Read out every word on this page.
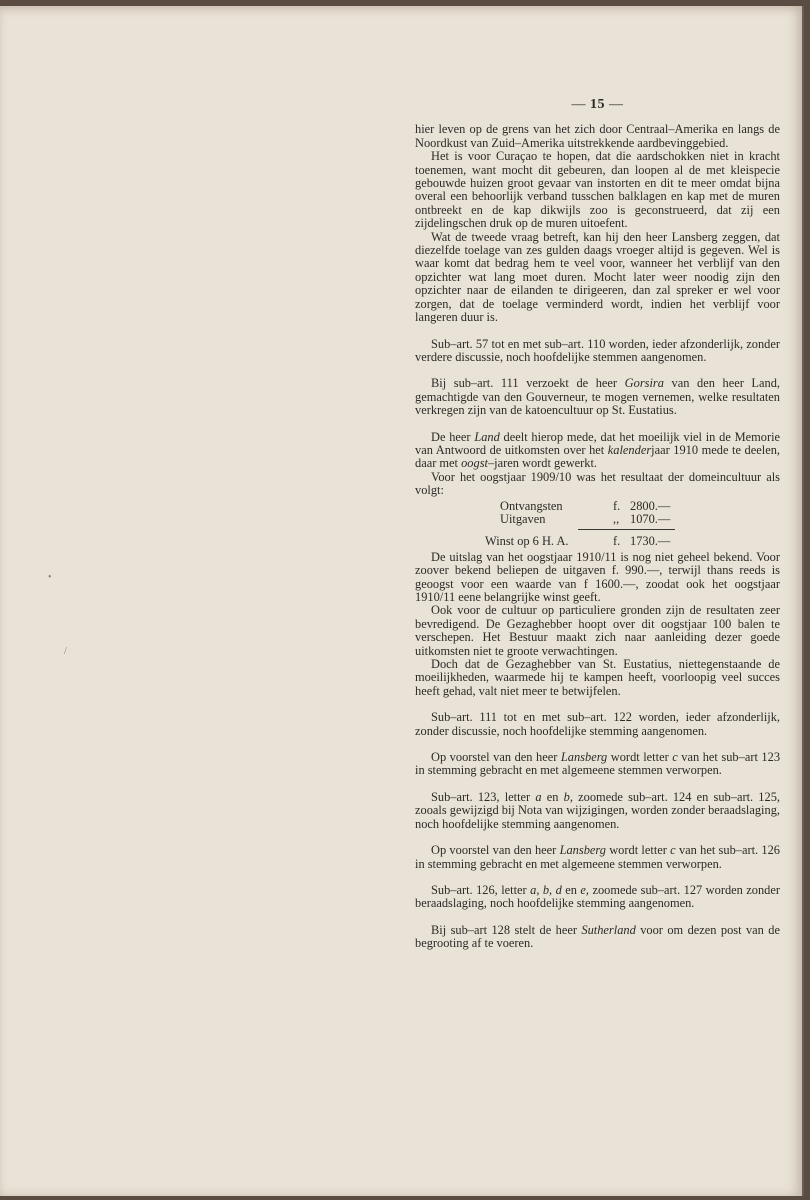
•
/
— 15 —

hier leven op de grens van het zich door Centraal–Amerika en langs de Noordkust van Zuid–Amerika uitstrekkende aardbevinggebied.

Het is voor Curaçao te hopen, dat die aardschokken niet in kracht toenemen, want mocht dit gebeuren, dan loopen al de met kleispecie gebouwde huizen groot gevaar van instorten en dit te meer omdat bijna overal een behoorlijk verband tusschen balklagen en kap met de muren ontbreekt en de kap dikwijls zoo is geconstrueerd, dat zij een zijdelingschen druk op de muren uitoefent.

Wat de tweede vraag betreft, kan hij den heer Lansberg zeggen, dat diezelfde toelage van zes gulden daags vroeger altijd is gegeven. Wel is waar komt dat bedrag hem te veel voor, wanneer het verblijf van den opzichter wat lang moet duren. Mocht later weer noodig zijn den opzichter naar de eilanden te dirigeeren, dan zal spreker er wel voor zorgen, dat de toelage verminderd wordt, indien het verblijf voor langeren duur is.

Sub–art. 57 tot en met sub–art. 110 worden, ieder afzonderlijk, zonder verdere discussie, noch hoofdelijke stemmen aangenomen.

Bij sub–art. 111 verzoekt de heer Gorsira van den heer Land, gemachtigde van den Gouverneur, te mogen vernemen, welke resultaten verkregen zijn van de katoencultuur op St. Eustatius.

De heer Land deelt hierop mede, dat het moeilijk viel in de Memorie van Antwoord de uitkomsten over het kalenderjaar 1910 mede te deelen, daar met oogst–jaren wordt gewerkt.

Voor het oogstjaar 1909/10 was het resultaat der domeincultuur als volgt:

Ontvangsten	f. 2800.—
Uitgaven	,, 1070.—
Winst op 6 H. A.	f. 1730.—

De uitslag van het oogstjaar 1910/11 is nog niet geheel bekend. Voor zoover bekend beliepen de uitgaven f. 990.—, terwijl thans reeds is geoogst voor een waarde van f 1600.—, zoodat ook het oogstjaar 1910/11 eene belangrijke winst geeft.

Ook voor de cultuur op particuliere gronden zijn de resultaten zeer bevredigend. De Gezaghebber hoopt over dit oogstjaar 100 balen te verschepen. Het Bestuur maakt zich naar aanleiding dezer goede uitkomsten niet te groote verwachtingen.

Doch dat de Gezaghebber van St. Eustatius, niettegenstaande de moeilijkheden, waarmede hij te kampen heeft, voorloopig veel succes heeft gehad, valt niet meer te betwijfelen.

Sub–art. 111 tot en met sub–art. 122 worden, ieder afzonderlijk, zonder discussie, noch hoofdelijke stemming aangenomen.

Op voorstel van den heer Lansberg wordt letter c van het sub–art 123 in stemming gebracht en met algemeene stemmen verworpen.

Sub–art. 123, letter a en b, zoomede sub–art. 124 en sub–art. 125, zooals gewijzigd bij Nota van wijzigingen, worden zonder beraadslaging, noch hoofdelijke stemming aangenomen.

Op voorstel van den heer Lansberg wordt letter c van het sub–art. 126 in stemming gebracht en met algemeene stemmen verworpen.

Sub–art. 126, letter a, b, d en e, zoomede sub–art. 127 worden zonder beraadslaging, noch hoofdelijke stemming aangenomen.

Bij sub–art 128 stelt de heer Sutherland voor om dezen post van de begrooting af te voeren.
